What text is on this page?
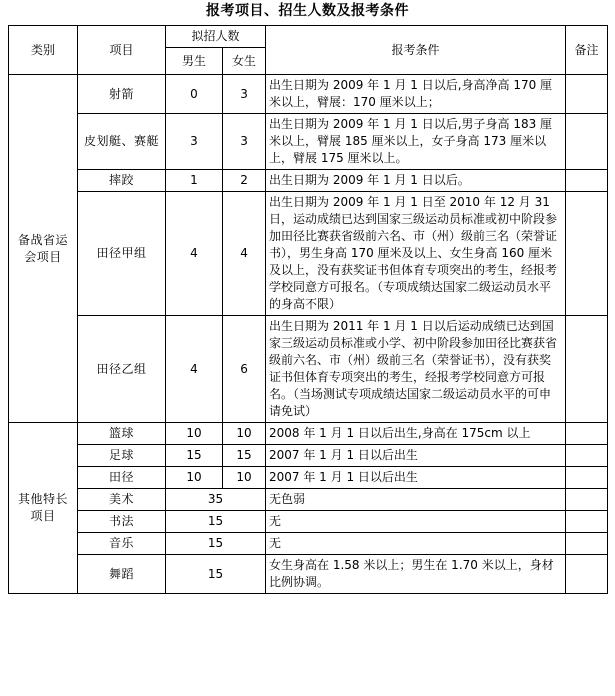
报考项目、招生人数及报考条件
类别	项目	拟招人数		报考条件	备注
		男生	女生		
备战省运会项目	射箭	0	3	出生日期为 2009 年 1 月 1 日以后,身高净高 170 厘米以上，臂展：170 厘米以上；	
	皮划艇、赛艇	3	3	出生日期为 2009 年 1 月 1 日以后,男子身高 183 厘米以上，臂展 185 厘米以上，女子身高 173 厘米以上，臂展 175 厘米以上。	
	摔跤	1	2	出生日期为 2009 年 1 月 1 日以后。	
	田径甲组	4	4	出生日期为 2009 年 1 月 1 日至 2010 年 12 月 31 日，运动成绩已达到国家三级运动员标准或初中阶段参加田径比赛获省级前六名、市（州）级前三名（荣誉证书），男生身高 170 厘米及以上、女生身高 160 厘米及以上，没有获奖证书但体育专项突出的考生，经报考学校同意方可报名。（专项成绩达国家二级运动员水平的身高不限）	
	田径乙组	4	6	出生日期为 2011 年 1 月 1 日以后运动成绩已达到国家三级运动员标准或小学、初中阶段参加田径比赛获省级前六名、市（州）级前三名（荣誉证书），没有获奖证书但体育专项突出的考生，经报考学校同意方可报名。（当场测试专项成绩达国家二级运动员水平的可申请免试）	
其他特长项目	篮球	10	10	2008 年 1 月 1 日以后出生,身高在 175cm 以上	
	足球	15	15	2007 年 1 月 1 日以后出生	
	田径	10	10	2007 年 1 月 1 日以后出生	
	美术	35		无色弱	
	书法	15		无	
	音乐	15		无	
	舞蹈	15		女生身高在 1.58 米以上；男生在 1.70 米以上，身材比例协调。	
